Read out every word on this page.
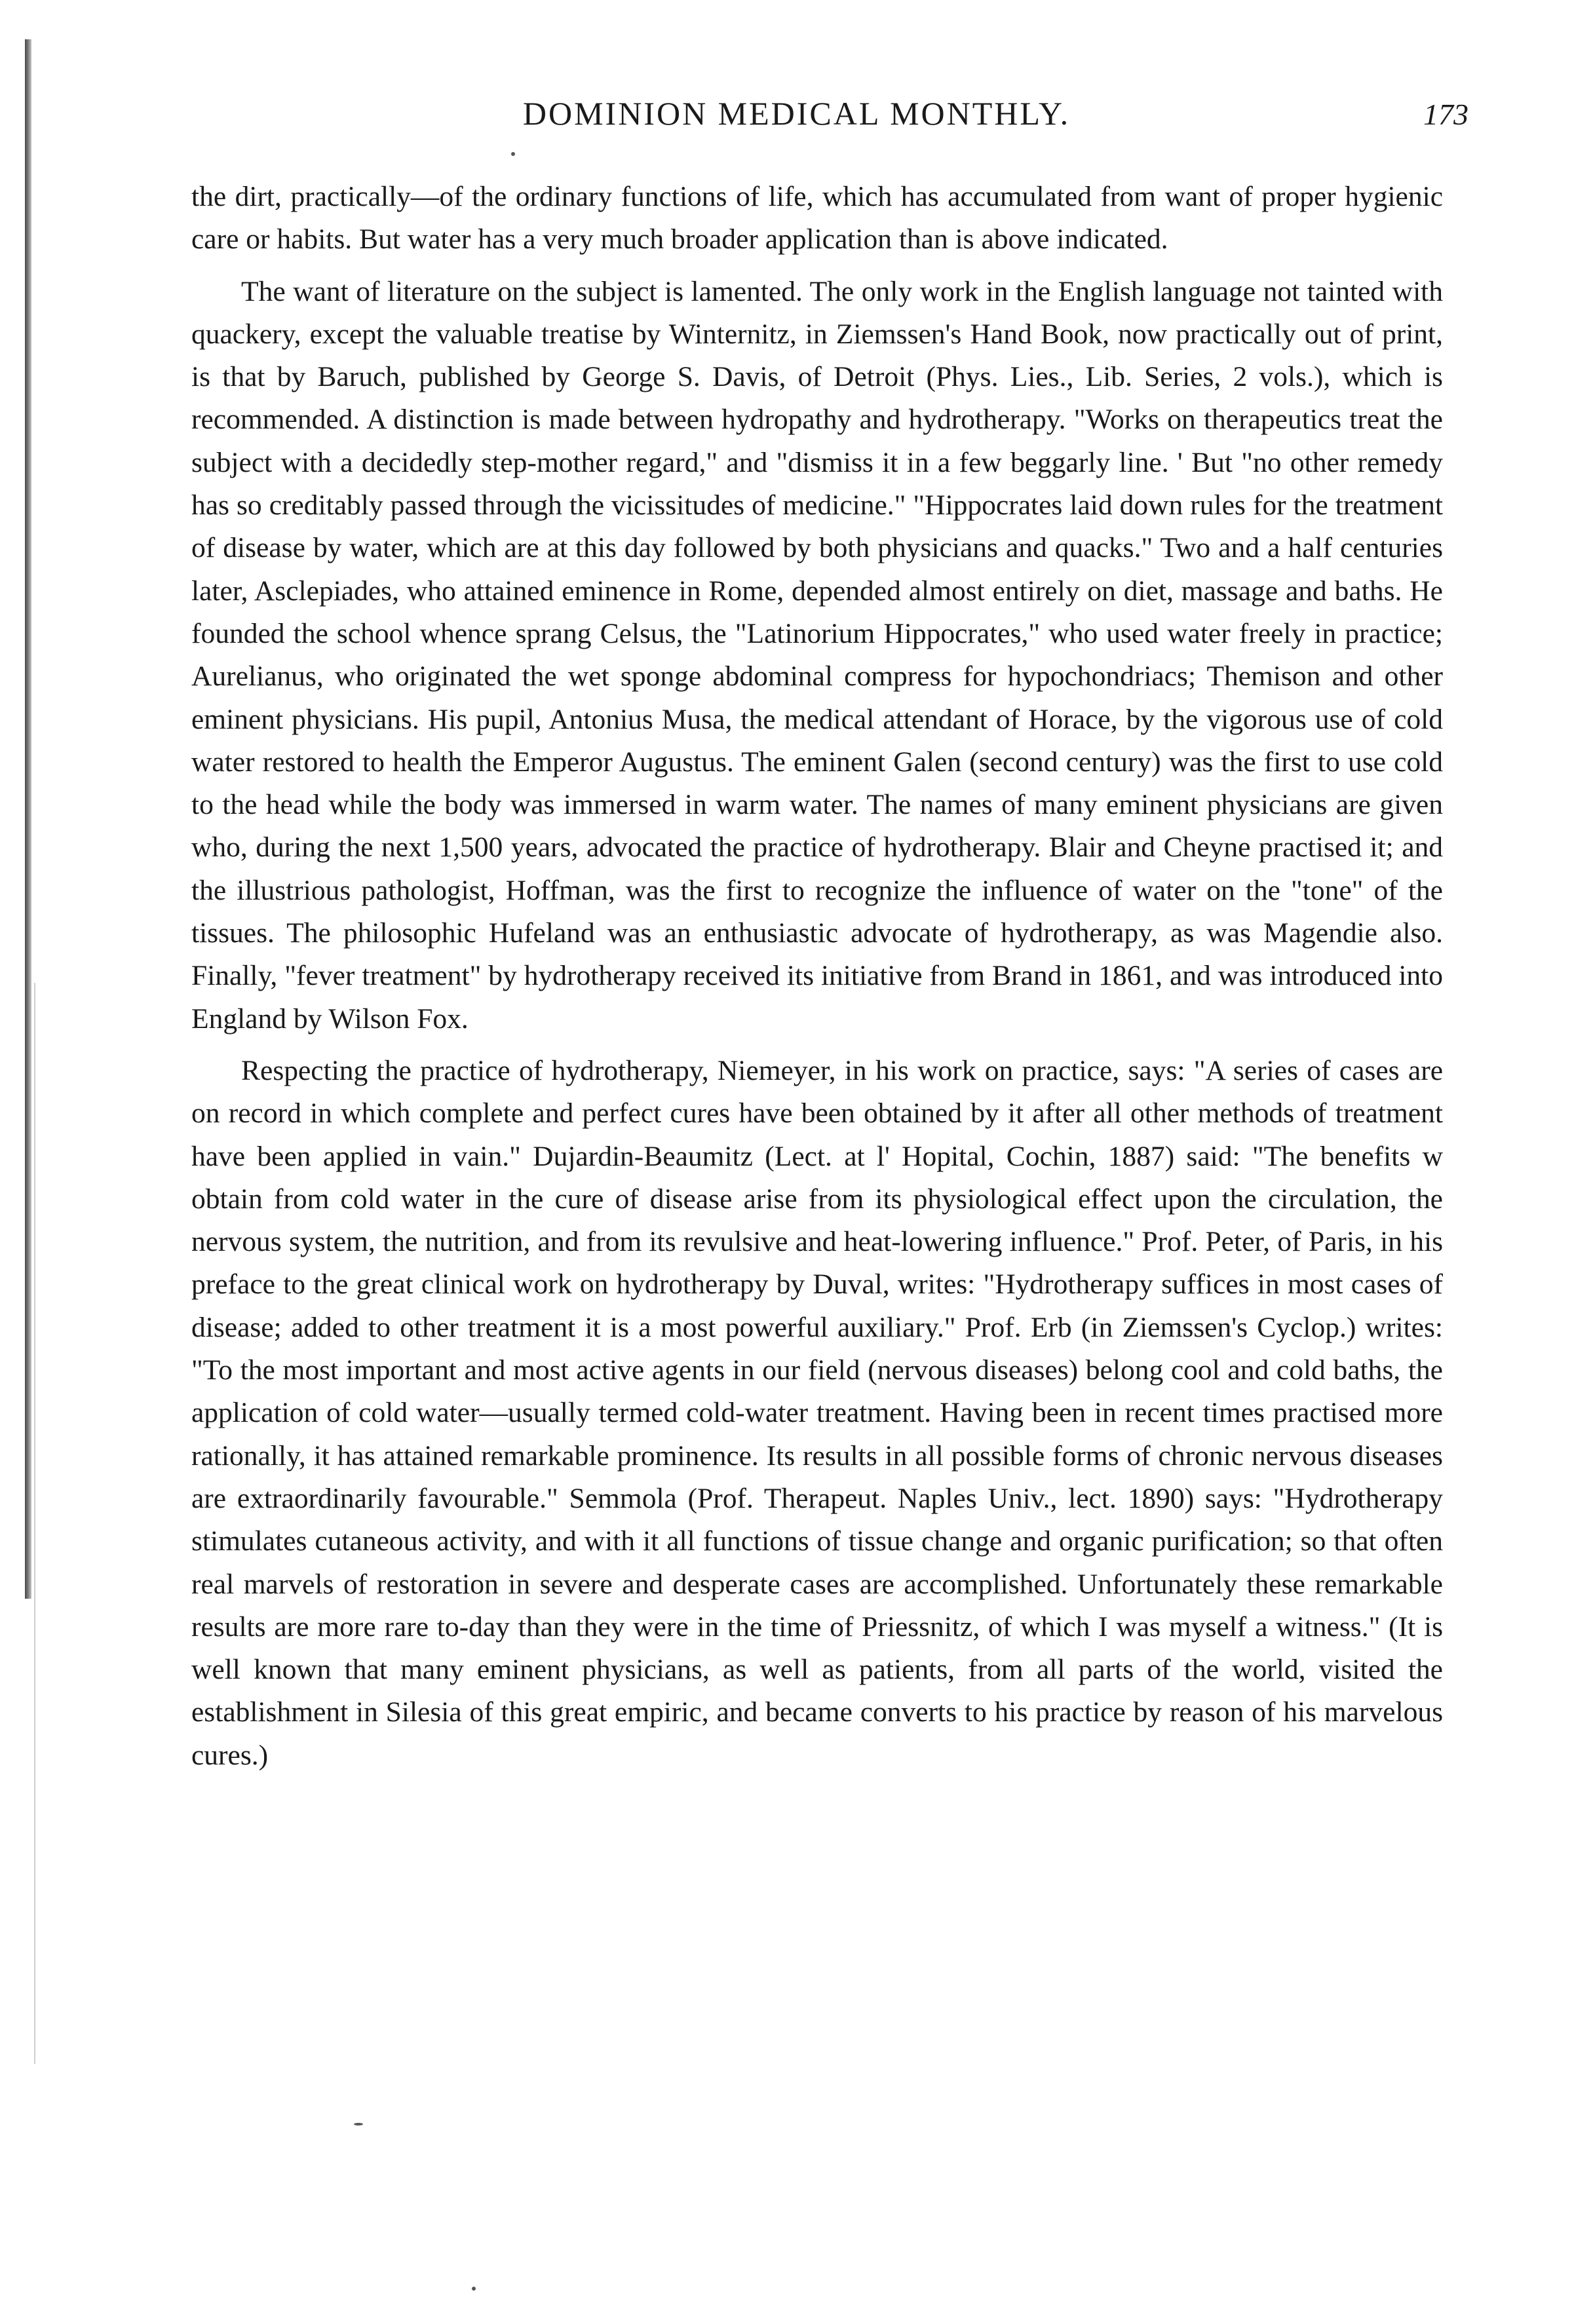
DOMINION MEDICAL MONTHLY.	173

the dirt, practically—of the ordinary functions of life, which has accumulated from want of proper hygienic care or habits. But water has a very much broader application than is above indicated.

The want of literature on the subject is lamented. The only work in the English language not tainted with quackery, except the valuable treatise by Winternitz, in Ziemssen's Hand Book, now practically out of print, is that by Baruch, published by George S. Davis, of Detroit (Phys. Lies., Lib. Series, 2 vols.), which is recommended. A distinction is made between hydropathy and hydrotherapy. "Works on therapeutics treat the subject with a decidedly step-mother regard," and "dismiss it in a few beggarly line. ' But "no other remedy has so creditably passed through the vicissitudes of medicine." "Hippocrates laid down rules for the treatment of disease by water, which are at this day followed by both physicians and quacks." Two and a half centuries later, Asclepiades, who attained eminence in Rome, depended almost entirely on diet, massage and baths. He founded the school whence sprang Celsus, the "Latinorium Hippocrates," who used water freely in practice; Aurelianus, who originated the wet sponge abdominal compress for hypochondriacs; Themison and other eminent physicians. His pupil, Antonius Musa, the medical attendant of Horace, by the vigorous use of cold water restored to health the Emperor Augustus. The eminent Galen (second century) was the first to use cold to the head while the body was immersed in warm water. The names of many eminent physicians are given who, during the next 1,500 years, advocated the practice of hydrotherapy. Blair and Cheyne practised it; and the illustrious pathologist, Hoffman, was the first to recognize the influence of water on the "tone" of the tissues. The philosophic Hufeland was an enthusiastic advocate of hydrotherapy, as was Magendie also. Finally, "fever treatment" by hydrotherapy received its initiative from Brand in 1861, and was introduced into England by Wilson Fox.

Respecting the practice of hydrotherapy, Niemeyer, in his work on practice, says: "A series of cases are on record in which complete and perfect cures have been obtained by it after all other methods of treatment have been applied in vain." Dujardin-Beaumitz (Lect. at l' Hopital, Cochin, 1887) said: "The benefits w obtain from cold water in the cure of disease arise from its physiological effect upon the circulation, the nervous system, the nutrition, and from its revulsive and heat-lowering influence." Prof. Peter, of Paris, in his preface to the great clinical work on hydrotherapy by Duval, writes: "Hydrotherapy suffices in most cases of disease; added to other treatment it is a most powerful auxiliary." Prof. Erb (in Ziemssen's Cyclop.) writes: "To the most important and most active agents in our field (nervous diseases) belong cool and cold baths, the application of cold water—usually termed cold-water treatment. Having been in recent times practised more rationally, it has attained remarkable prominence. Its results in all possible forms of chronic nervous diseases are extraordinarily favourable." Semmola (Prof. Therapeut. Naples Univ., lect. 1890) says: "Hydrotherapy stimulates cutaneous activity, and with it all functions of tissue change and organic purification; so that often real marvels of restoration in severe and desperate cases are accomplished. Unfortunately these remarkable results are more rare to-day than they were in the time of Priessnitz, of which I was myself a witness." (It is well known that many eminent physicians, as well as patients, from all parts of the world, visited the establishment in Silesia of this great empiric, and became converts to his practice by reason of his marvelous cures.)
